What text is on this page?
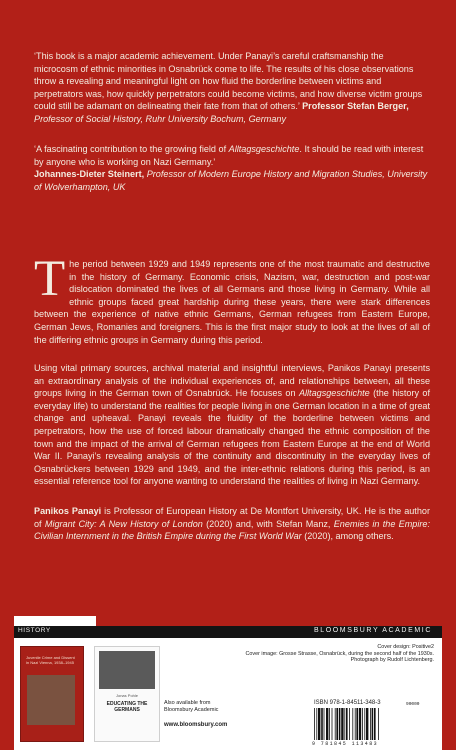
‘This book is a major academic achievement. Under Panayi’s careful craftsmanship the microcosm of ethnic minorities in Osnabrück come to life. The results of his close observations throw a revealing and meaningful light on how fluid the borderline between victims and perpetrators was, how quickly perpetrators could become victims, and how diverse victim groups could still be adamant on delineating their fate from that of others.’ Professor Stefan Berger, Professor of Social History, Ruhr University Bochum, Germany

‘A fascinating contribution to the growing field of Alltagsgeschichte. It should be read with interest by anyone who is working on Nazi Germany.’
Johannes-Dieter Steinert, Professor of Modern Europe History and Migration Studies, University of Wolverhampton, UK

The period between 1929 and 1949 represents one of the most traumatic and destructive in the history of Germany. Economic crisis, Nazism, war, destruction and post-war dislocation dominated the lives of all Germans and those living in Germany. While all ethnic groups faced great hardship during these years, there were stark differences between the experience of native ethnic Germans, German refugees from Eastern Europe, German Jews, Romanies and foreigners. This is the first major study to look at the lives of all of the differing ethnic groups in Germany during this period.

Using vital primary sources, archival material and insightful interviews, Panikos Panayi presents an extraordinary analysis of the individual experiences of, and relationships between, all these groups living in the German town of Osnabrück. He focuses on Alltagsgeschichte (the history of everyday life) to understand the realities for people living in one German location in a time of great change and upheaval. Panayi reveals the fluidity of the borderline between victims and perpetrators, how the use of forced labour dramatically changed the ethnic composition of the town and the impact of the arrival of German refugees from Eastern Europe at the end of World War II. Panayi’s revealing analysis of the continuity and discontinuity in the everyday lives of Osnabrückers between 1929 and 1949, and the inter-ethnic relations during this period, is an essential reference tool for anyone wanting to understand the realities of living in Nazi Germany.

Panikos Panayi is Professor of European History at De Montfort University, UK. He is the author of Migrant City: A New History of London (2020) and, with Stefan Manz, Enemies in the Empire: Civilian Internment in the British Empire during the First World War (2020), among others.

HISTORY	BLOOMSBURY ACADEMIC
Juvenile Crime and Dissent in Nazi Vienna, 1938–1945
Jonas Pohle
EDUCATING THE GERMANS
Also available from
Bloomsbury Academic
www.bloomsbury.com
Cover design: Positive2
Cover image: Grosse Strasse, Osnabrück, during the second half of the 1930s. Photograph by Rudolf Lichtenberg.
ISBN 978-1-84511-348-3	90000
9 781845 113483
